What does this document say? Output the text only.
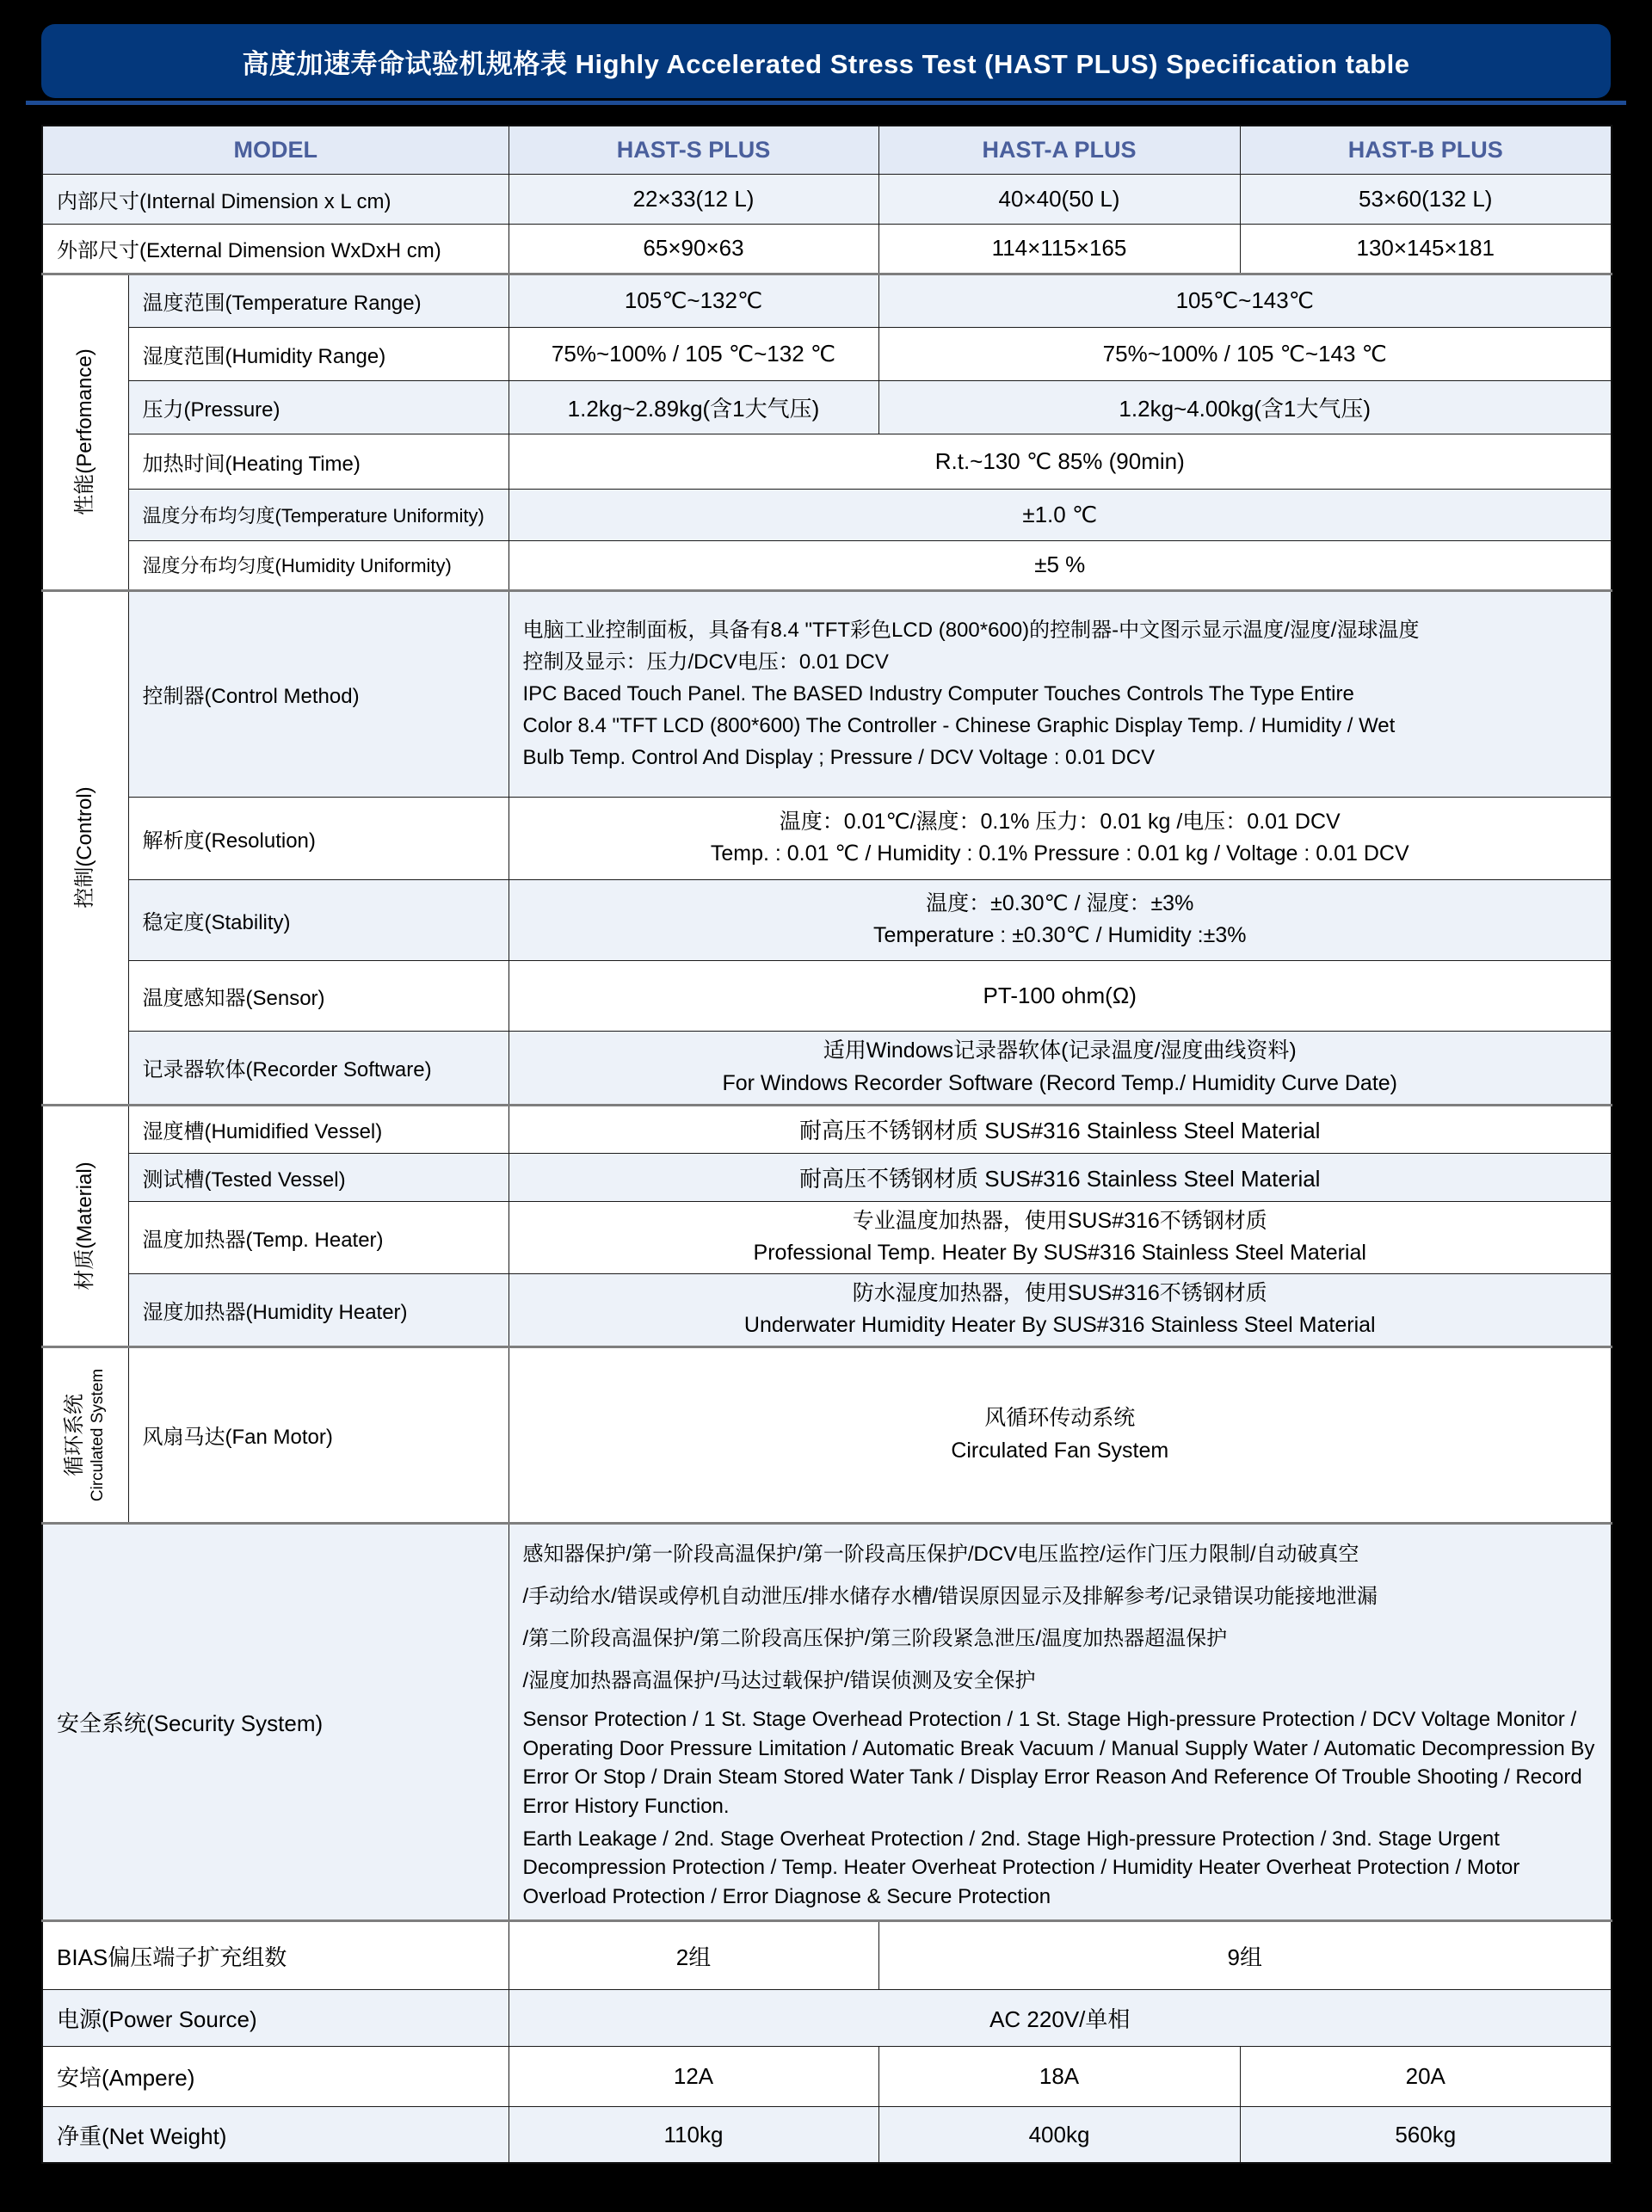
高度加速寿命试验机规格表 Highly Accelerated Stress Test (HAST PLUS) Specification table
MODEL		HAST-S PLUS	HAST-A PLUS	HAST-B PLUS
内部尺寸(Internal Dimension x L cm)		22×33(12 L)	40×40(50 L)	53×60(132 L)
外部尺寸(External Dimension WxDxH cm)		65×90×63	114×115×165	130×145×181

性能(Perfomance)	温度范围(Temperature Range)	105℃~132℃	105℃~143℃	
	湿度范围(Humidity Range)	75%~100% / 105 ℃~132 ℃	75%~100% / 105 ℃~143 ℃	
	压力(Pressure)	1.2kg~2.89kg(含1大气压)	1.2kg~4.00kg(含1大气压)	
	加热时间(Heating Time)	R.t.~130 ℃ 85% (90min)		
	温度分布均匀度(Temperature Uniformity)	±1.0 ℃		
	湿度分布均匀度(Humidity Uniformity)	±5 %		

控制(Control)	控制器(Control Method)	电脑工业控制面板，具备有8.4 "TFT彩色LCD (800*600)的控制器-中文图示显示温度/湿度/湿球温度
控制及显示：压力/DCV电压：0.01 DCV
IPC Baced Touch Panel. The BASED Industry Computer Touches Controls The Type Entire
Color 8.4 "TFT LCD (800*600) The Controller - Chinese Graphic Display Temp. / Humidity / Wet
Bulb Temp. Control And Display ; Pressure / DCV Voltage : 0.01 DCV		

	解析度(Resolution)	温度：0.01℃/濕度：0.1% 压力：0.01 kg /电压：0.01 DCV
Temp. : 0.01 ℃ / Humidity : 0.1% Pressure : 0.01 kg / Voltage : 0.01 DCV		

	稳定度(Stability)	温度：±0.30℃ / 湿度：±3%
Temperature : ±0.30℃ / Humidity :±3%		

	温度感知器(Sensor)	PT-100 ohm(Ω)		
	记录器软体(Recorder Software)	适用Windows记录器软体(记录温度/湿度曲线资料)
For Windows Recorder Software (Record Temp./ Humidity Curve Date)		

材质(Material)	湿度槽(Humidified Vessel)	耐高压不锈钢材质 SUS#316 Stainless Steel Material		
	测试槽(Tested Vessel)	耐高压不锈钢材质 SUS#316 Stainless Steel Material		
	温度加热器(Temp. Heater)	专业温度加热器，使用SUS#316不锈钢材质
Professional Temp. Heater By SUS#316 Stainless Steel Material		

	湿度加热器(Humidity Heater)	防水湿度加热器，使用SUS#316不锈钢材质
Underwater Humidity Heater By SUS#316 Stainless Steel Material		

循环系统 Circulated System	风扇马达(Fan Motor)	
风循环传动系统
Circulated Fan System

安全系统(Security System)	
感知器保护/第一阶段高温保护/第一阶段高压保护/DCV电压监控/运作门压力限制/自动破真空
/手动给水/错误或停机自动泄压/排水储存水槽/错误原因显示及排解参考/记录错误功能接地泄漏
/第二阶段高温保护/第二阶段高压保护/第三阶段紧急泄压/温度加热器超温保护
/湿度加热器高温保护/马达过载保护/错误侦测及安全保护
Sensor Protection / 1 St. Stage Overhead Protection / 1 St. Stage High-pressure Protection / DCV Voltage Monitor / Operating Door Pressure Limitation / Automatic Break Vacuum / Manual Supply Water / Automatic Decompression By Error Or Stop / Drain Steam Stored Water Tank / Display Error Reason And Reference Of Trouble Shooting / Record Error History Function.
Earth Leakage / 2nd. Stage Overheat Protection / 2nd. Stage High-pressure Protection / 3nd. Stage Urgent Decompression Protection / Temp. Heater Overheat Protection / Humidity Heater Overheat Protection / Motor Overload Protection / Error Diagnose & Secure Protection

BIAS偏压端子扩充组数		2组	9组	
电源(Power Source)		AC 220V/单相		
安培(Ampere)		12A	18A	20A
净重(Net Weight)		110kg	400kg	560kg
